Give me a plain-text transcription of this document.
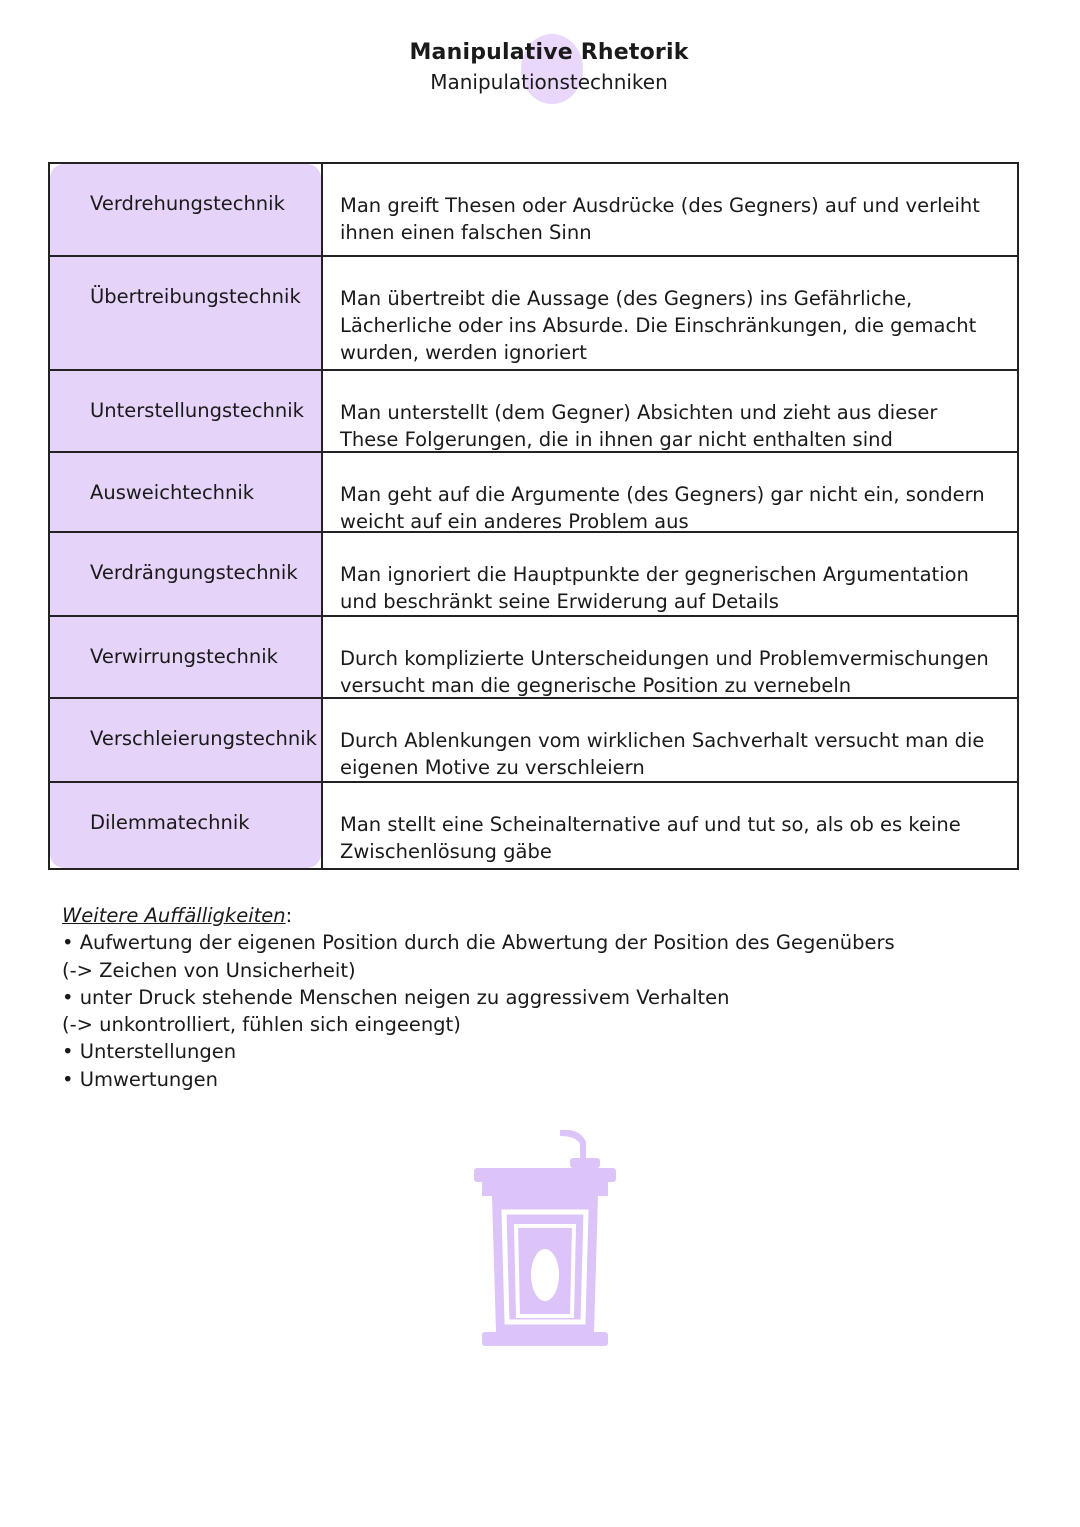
Manipulative Rhetorik
Manipulationstechniken
Verdrehungstechnik	Man greift Thesen oder Ausdrücke (des Gegners) auf und verleiht ihnen einen falschen Sinn
Übertreibungstechnik Man übertreibt die Aussage (des Gegners) ins Gefährliche, Lächerliche oder ins Absurde. Die Einschränkungen, die gemacht wurden, werden ignoriert
Unterstellungstechnik Man unterstellt (dem Gegner) Absichten und zieht aus dieser These Folgerungen, die in ihnen gar nicht enthalten sind
Ausweichtechnik	Man geht auf die Argumente (des Gegners) gar nicht ein, sondern weicht auf ein anderes Problem aus
Verdrängungstechnik Man ignoriert die Hauptpunkte der gegnerischen Argumentation und beschränkt seine Erwiderung auf Details
Verwirrungstechnik	Durch komplizierte Unterscheidungen und Problemvermischungen versucht man die gegnerische Position zu vernebeln
Verschleierungstechnik Durch Ablenkungen vom wirklichen Sachverhalt versucht man die eigenen Motive zu verschleiern
Dilemmatechnik	Man stellt eine Scheinalternative auf und tut so, als ob es keine Zwischenlösung gäbe
Weitere Auffälligkeiten:
• Aufwertung der eigenen Position durch die Abwertung der Position des Gegenübers
(-> Zeichen von Unsicherheit)
• unter Druck stehende Menschen neigen zu aggressivem Verhalten
(-> unkontrolliert, fühlen sich eingeengt)
• Unterstellungen
• Umwertungen
